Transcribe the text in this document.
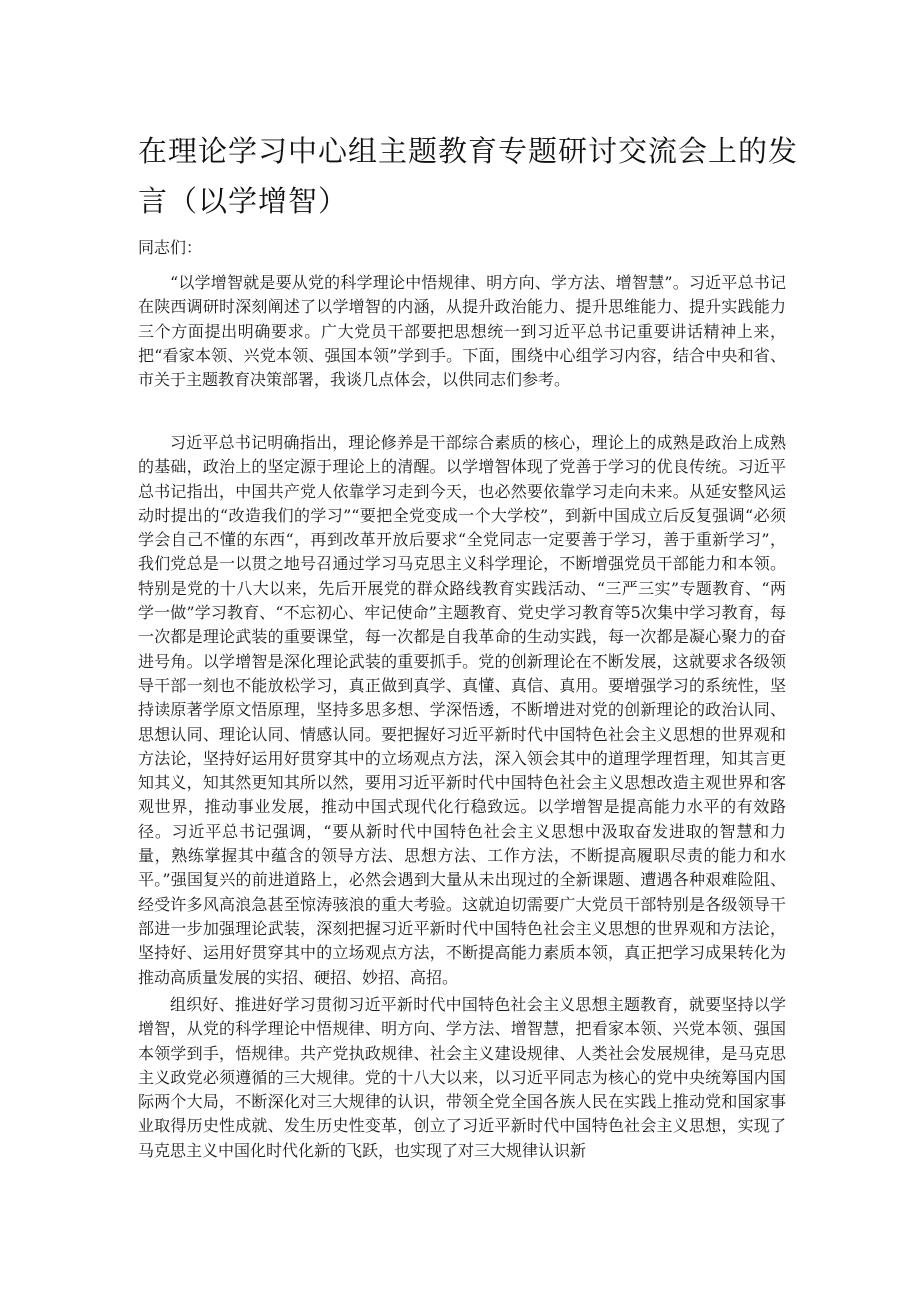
在理论学习中心组主题教育专题研讨交流会上的发言（以学增智）

同志们：

“以学增智就是要从党的科学理论中悟规律、明方向、学方法、增智慧”。习近平总书记在陕西调研时深刻阐述了以学增智的内涵，从提升政治能力、提升思维能力、提升实践能力三个方面提出明确要求。广大党员干部要把思想统一到习近平总书记重要讲话精神上来，把“看家本领、兴党本领、强国本领”学到手。下面，围绕中心组学习内容，结合中央和省、市关于主题教育决策部署，我谈几点体会，以供同志们参考。

习近平总书记明确指出，理论修养是干部综合素质的核心，理论上的成熟是政治上成熟的基础，政治上的坚定源于理论上的清醒。以学增智体现了党善于学习的优良传统。习近平总书记指出，中国共产党人依靠学习走到今天，也必然要依靠学习走向未来。从延安整风运动时提出的“改造我们的学习”“要把全党变成一个大学校”，到新中国成立后反复强调“必须学会自己不懂的东西“，再到改革开放后要求“全党同志一定要善于学习，善于重新学习”，我们党总是一以贯之地号召通过学习马克思主义科学理论，不断增强党员干部能力和本领。特别是党的十八大以来，先后开展党的群众路线教育实践活动、“三严三实”专题教育、“两学一做”学习教育、“不忘初心、牢记使命”主题教育、党史学习教育等5次集中学习教育，每一次都是理论武装的重要课堂，每一次都是自我革命的生动实践，每一次都是凝心聚力的奋进号角。以学增智是深化理论武装的重要抓手。党的创新理论在不断发展，这就要求各级领导干部一刻也不能放松学习，真正做到真学、真懂、真信、真用。要增强学习的系统性，坚持读原著学原文悟原理，坚持多思多想、学深悟透，不断增进对党的创新理论的政治认同、思想认同、理论认同、情感认同。要把握好习近平新时代中国特色社会主义思想的世界观和方法论，坚持好运用好贯穿其中的立场观点方法，深入领会其中的道理学理哲理，知其言更知其义，知其然更知其所以然，要用习近平新时代中国特色社会主义思想改造主观世界和客观世界，推动事业发展，推动中国式现代化行稳致远。以学增智是提高能力水平的有效路径。习近平总书记强调，“要从新时代中国特色社会主义思想中汲取奋发进取的智慧和力量，熟练掌握其中蕴含的领导方法、思想方法、工作方法，不断提高履职尽责的能力和水平。”强国复兴的前进道路上，必然会遇到大量从未出现过的全新课题、遭遇各种艰难险阻、经受许多风高浪急甚至惊涛骇浪的重大考验。这就迫切需要广大党员干部特别是各级领导干部进一步加强理论武装，深刻把握习近平新时代中国特色社会主义思想的世界观和方法论，坚持好、运用好贯穿其中的立场观点方法，不断提高能力素质本领，真正把学习成果转化为推动高质量发展的实招、硬招、妙招、高招。

组织好、推进好学习贯彻习近平新时代中国特色社会主义思想主题教育，就要坚持以学增智，从党的科学理论中悟规律、明方向、学方法、增智慧，把看家本领、兴党本领、强国本领学到手，悟规律。共产党执政规律、社会主义建设规律、人类社会发展规律，是马克思主义政党必须遵循的三大规律。党的十八大以来，以习近平同志为核心的党中央统筹国内国际两个大局，不断深化对三大规律的认识，带领全党全国各族人民在实践上推动党和国家事业取得历史性成就、发生历史性变革，创立了习近平新时代中国特色社会主义思想，实现了马克思主义中国化时代化新的飞跃，也实现了对三大规律认识新
